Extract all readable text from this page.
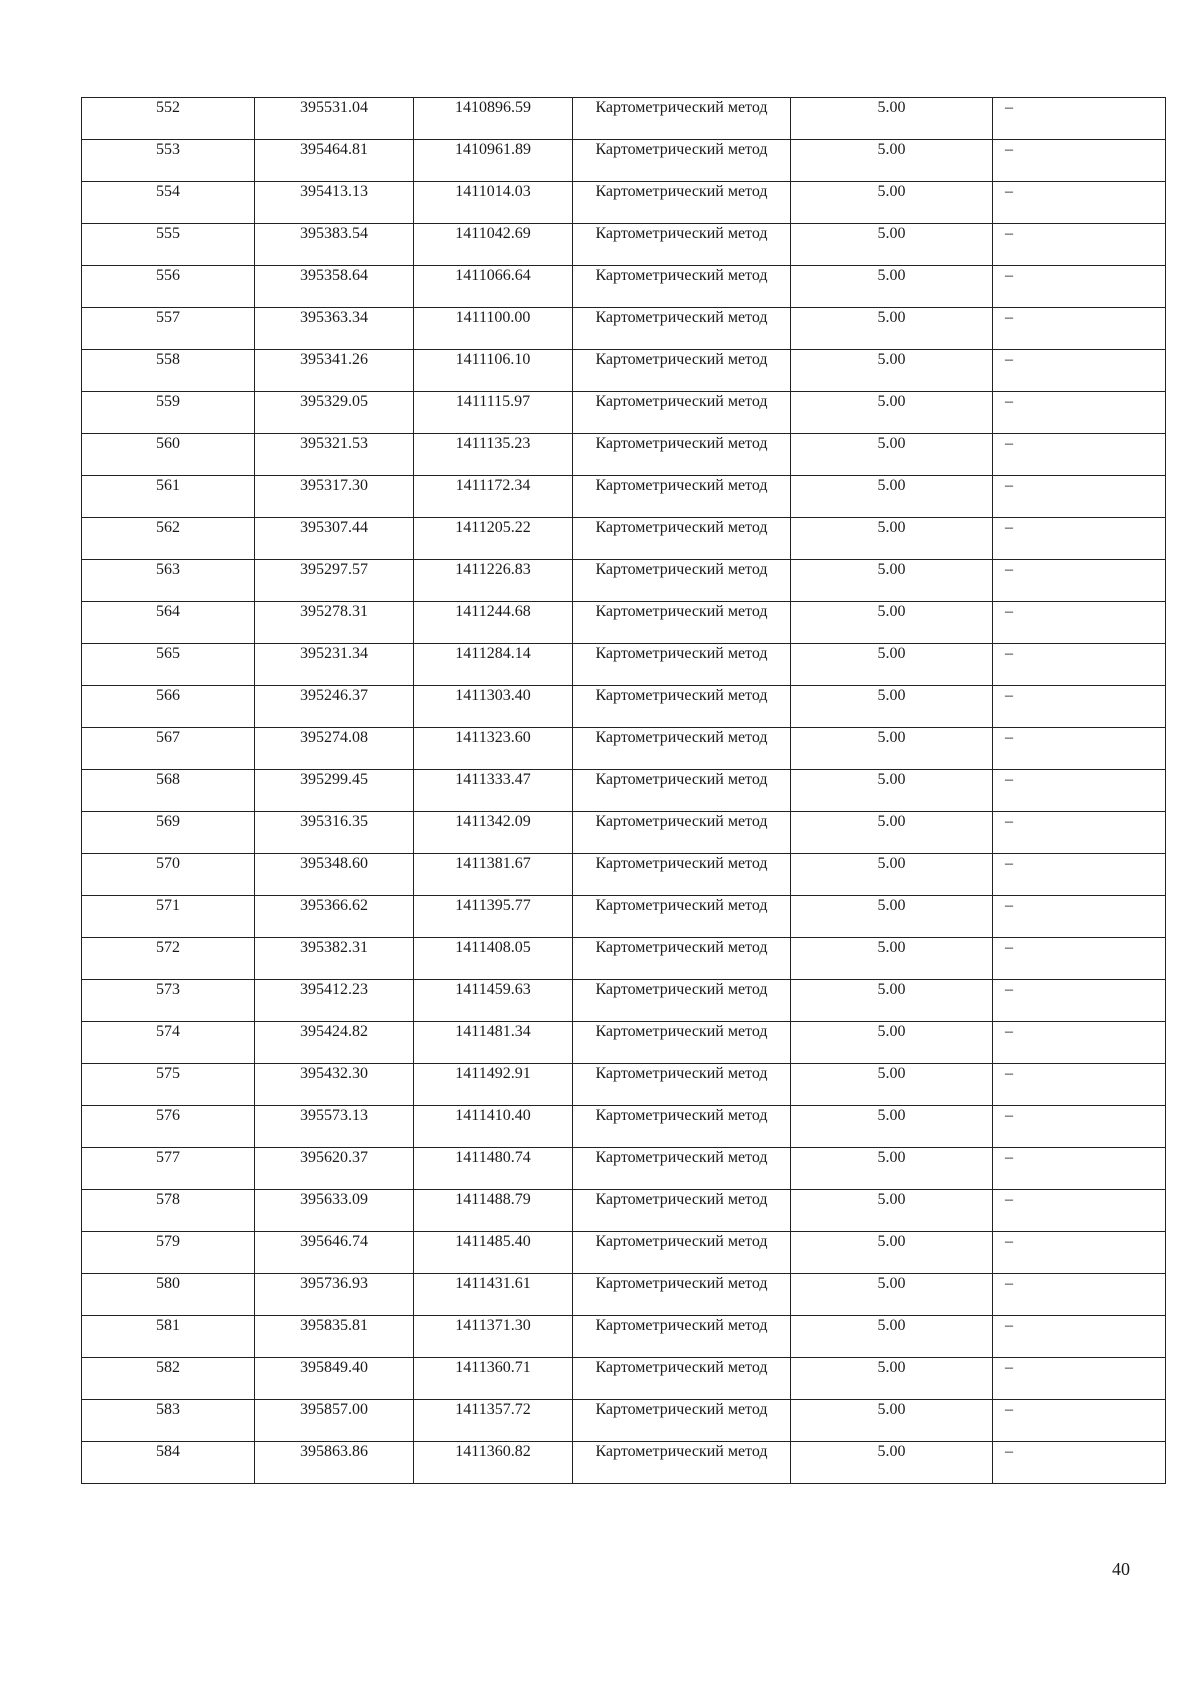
552	395531.04	1410896.59	Картометрический метод	5.00	–
553	395464.81	1410961.89	Картометрический метод	5.00	–
554	395413.13	1411014.03	Картометрический метод	5.00	–
555	395383.54	1411042.69	Картометрический метод	5.00	–
556	395358.64	1411066.64	Картометрический метод	5.00	–
557	395363.34	1411100.00	Картометрический метод	5.00	–
558	395341.26	1411106.10	Картометрический метод	5.00	–
559	395329.05	1411115.97	Картометрический метод	5.00	–
560	395321.53	1411135.23	Картометрический метод	5.00	–
561	395317.30	1411172.34	Картометрический метод	5.00	–
562	395307.44	1411205.22	Картометрический метод	5.00	–
563	395297.57	1411226.83	Картометрический метод	5.00	–
564	395278.31	1411244.68	Картометрический метод	5.00	–
565	395231.34	1411284.14	Картометрический метод	5.00	–
566	395246.37	1411303.40	Картометрический метод	5.00	–
567	395274.08	1411323.60	Картометрический метод	5.00	–
568	395299.45	1411333.47	Картометрический метод	5.00	–
569	395316.35	1411342.09	Картометрический метод	5.00	–
570	395348.60	1411381.67	Картометрический метод	5.00	–
571	395366.62	1411395.77	Картометрический метод	5.00	–
572	395382.31	1411408.05	Картометрический метод	5.00	–
573	395412.23	1411459.63	Картометрический метод	5.00	–
574	395424.82	1411481.34	Картометрический метод	5.00	–
575	395432.30	1411492.91	Картометрический метод	5.00	–
576	395573.13	1411410.40	Картометрический метод	5.00	–
577	395620.37	1411480.74	Картометрический метод	5.00	–
578	395633.09	1411488.79	Картометрический метод	5.00	–
579	395646.74	1411485.40	Картометрический метод	5.00	–
580	395736.93	1411431.61	Картометрический метод	5.00	–
581	395835.81	1411371.30	Картометрический метод	5.00	–
582	395849.40	1411360.71	Картометрический метод	5.00	–
583	395857.00	1411357.72	Картометрический метод	5.00	–
584	395863.86	1411360.82	Картометрический метод	5.00	–
40
